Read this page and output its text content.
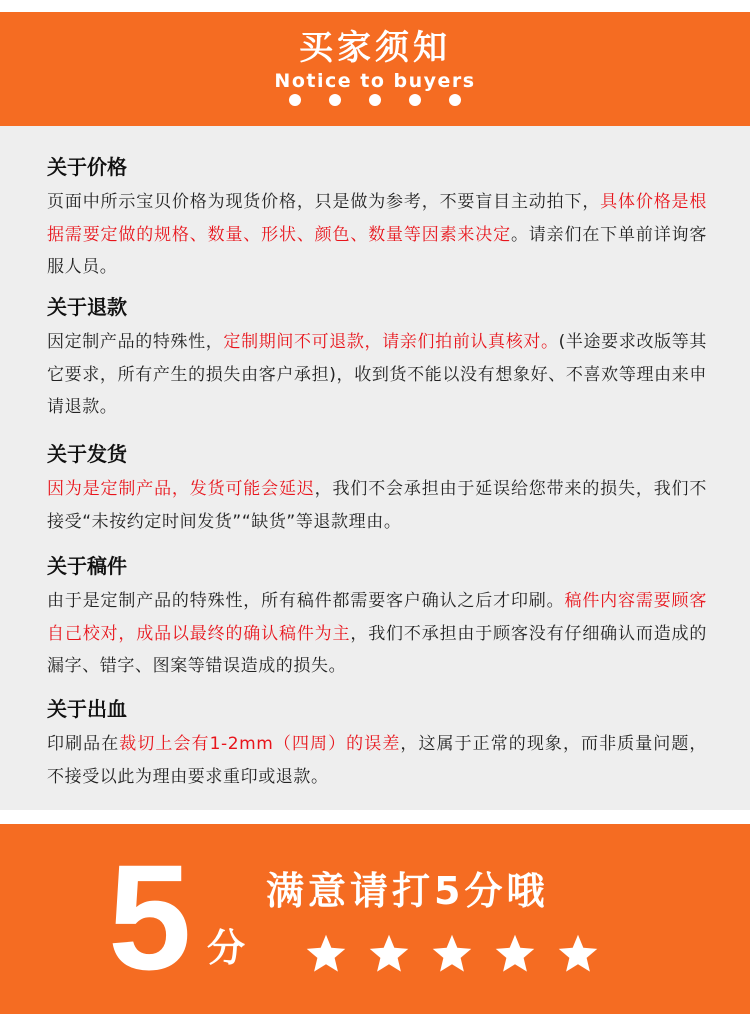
买家须知
Notice to buyers
关于价格
页面中所示宝贝价格为现货价格，只是做为参考，不要盲目主动拍下，具体价格是根据需要定做的规格、数量、形状、颜色、数量等因素来决定。请亲们在下单前详询客服人员。
关于退款
因定制产品的特殊性，定制期间不可退款，请亲们拍前认真核对。(半途要求改版等其它要求，所有产生的损失由客户承担)，收到货不能以没有想象好、不喜欢等理由来申请退款。
关于发货
因为是定制产品，发货可能会延迟，我们不会承担由于延误给您带来的损失，我们不接受“未按约定时间发货”“缺货”等退款理由。
关于稿件
由于是定制产品的特殊性，所有稿件都需要客户确认之后才印刷。稿件内容需要顾客自己校对，成品以最终的确认稿件为主，我们不承担由于顾客没有仔细确认而造成的漏字、错字、图案等错误造成的损失。
关于出血
印刷品在裁切上会有1-2mm（四周）的误差，这属于正常的现象，而非质量问题，不接受以此为理由要求重印或退款。
5 分
满意请打5分哦
